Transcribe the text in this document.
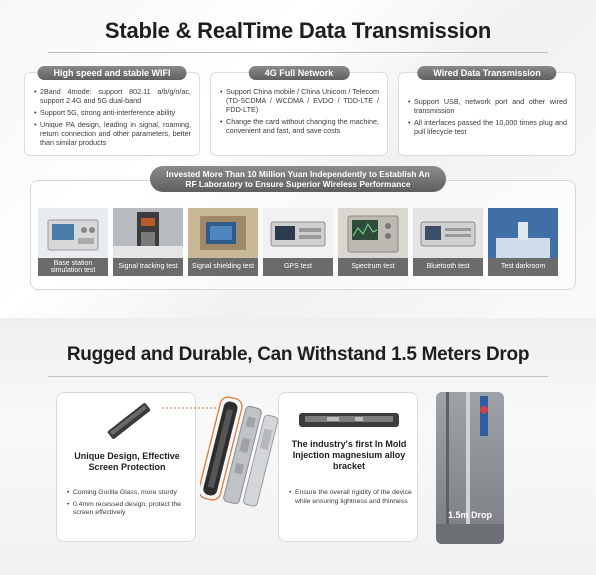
Stable & RealTime Data Transmission
High speed and stable WIFI
• 2Band 4mode: support 802.11 a/b/g/n/ac, support 2.4G and 5G dual-band
• Support 5G, strong anti-interference ability
• Unique PA design, leading in signal, roaming, return connection and other parameters, better than similar products
4G Full Network
• Support China mobile / China Unicom / Telecom (TD-SCDMA / WCDMA / EVDO / TDD-LTE / FDD-LTE)
• Change the card without changing the machine, convenient and fast, and save costs
Wired Data Transmission
• Support USB, network port and other wired transmission
• All interfaces passed the 10,000 times plug and pull lifecycle test
Invested More Than 10 Million Yuan Independently to Establish An
RF Laboratory to Ensure Superior Wireless Performance
Base station simulation test
Signal tracking test	Signal shielding test	GPS test	Spectrum test	Bluetooth test	Test darkroom
Rugged and Durable, Can Withstand 1.5 Meters Drop
Unique Design, Effective Screen Protection
• Coming Gorilla Glass, more sturdy
• 0.4mm recessed design, protect the screen effectively
The industry's first In Mold Injection magnesium alloy bracket
• Ensure the overall rigidity of the device while ensuring lightness and thinness
1.5m Drop
